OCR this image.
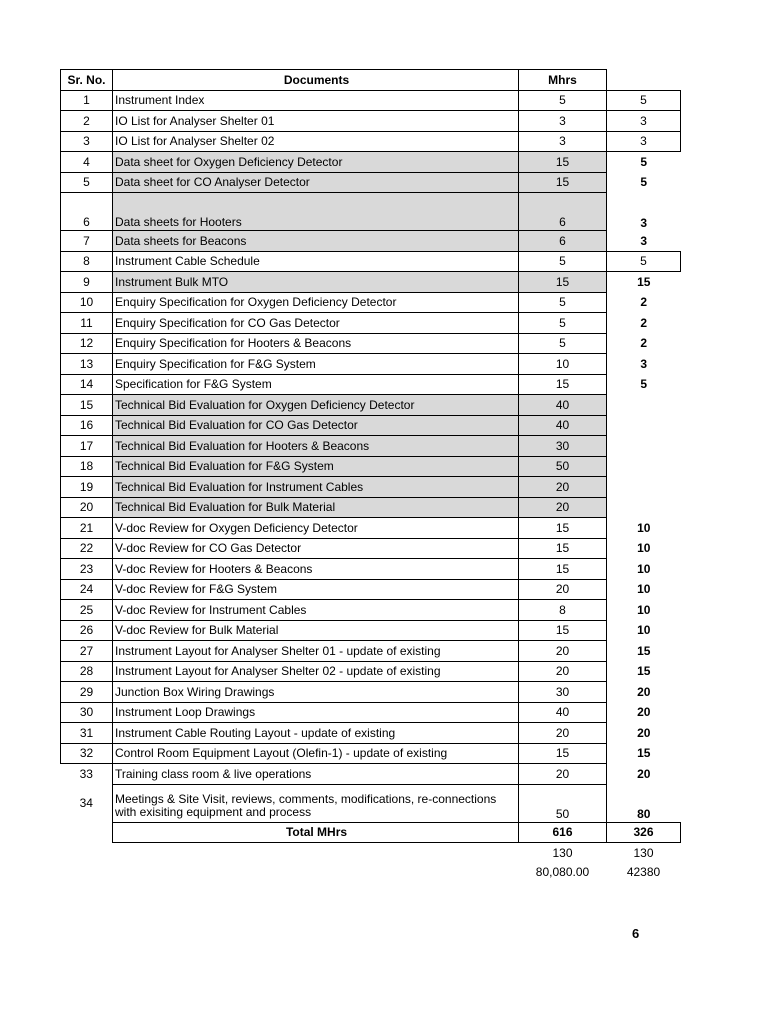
Sr. No.	Documents	Mhrs	
1	Instrument Index	5	5
2	IO List for Analyser Shelter 01	3	3
3	IO List for Analyser Shelter 02	3	3
4	Data sheet for Oxygen Deficiency Detector	15	5
5	Data sheet for CO Analyser Detector	15	5
6	Data sheets for Hooters	6	3
7	Data sheets for Beacons	6	3
8	Instrument Cable Schedule	5	5
9	Instrument Bulk MTO	15	15
10	Enquiry Specification for Oxygen Deficiency Detector	5	2
11	Enquiry Specification for CO Gas Detector	5	2
12	Enquiry Specification for Hooters & Beacons	5	2
13	Enquiry Specification for F&G System	10	3
14	Specification for F&G System	15	5
15	Technical Bid Evaluation for Oxygen Deficiency Detector	40	
16	Technical Bid Evaluation for CO Gas Detector	40	
17	Technical Bid Evaluation for Hooters & Beacons	30	
18	Technical Bid Evaluation for F&G System	50	
19	Technical Bid Evaluation for Instrument Cables	20	
20	Technical Bid Evaluation for Bulk Material	20	
21	V-doc Review for Oxygen Deficiency Detector	15	10
22	V-doc Review for CO Gas Detector	15	10
23	V-doc Review for Hooters & Beacons	15	10
24	V-doc Review for F&G System	20	10
25	V-doc Review for Instrument Cables	8	10
26	V-doc Review for Bulk Material	15	10
27	Instrument Layout for Analyser Shelter 01 - update of existing	20	15
28	Instrument Layout for Analyser Shelter 02 - update of existing	20	15
29	Junction Box Wiring Drawings	30	20
30	Instrument Loop Drawings	40	20
31	Instrument Cable Routing Layout - update of existing	20	20
32	Control Room Equipment Layout (Olefin-1) - update of existing	15	15
33	Training class room & live operations	20	20
34	Meetings & Site Visit, reviews, comments, modifications, re-connections with exisiting equipment and process	50	80
	Total MHrs	616	326
		130	130
		80,080.00	42380
6
